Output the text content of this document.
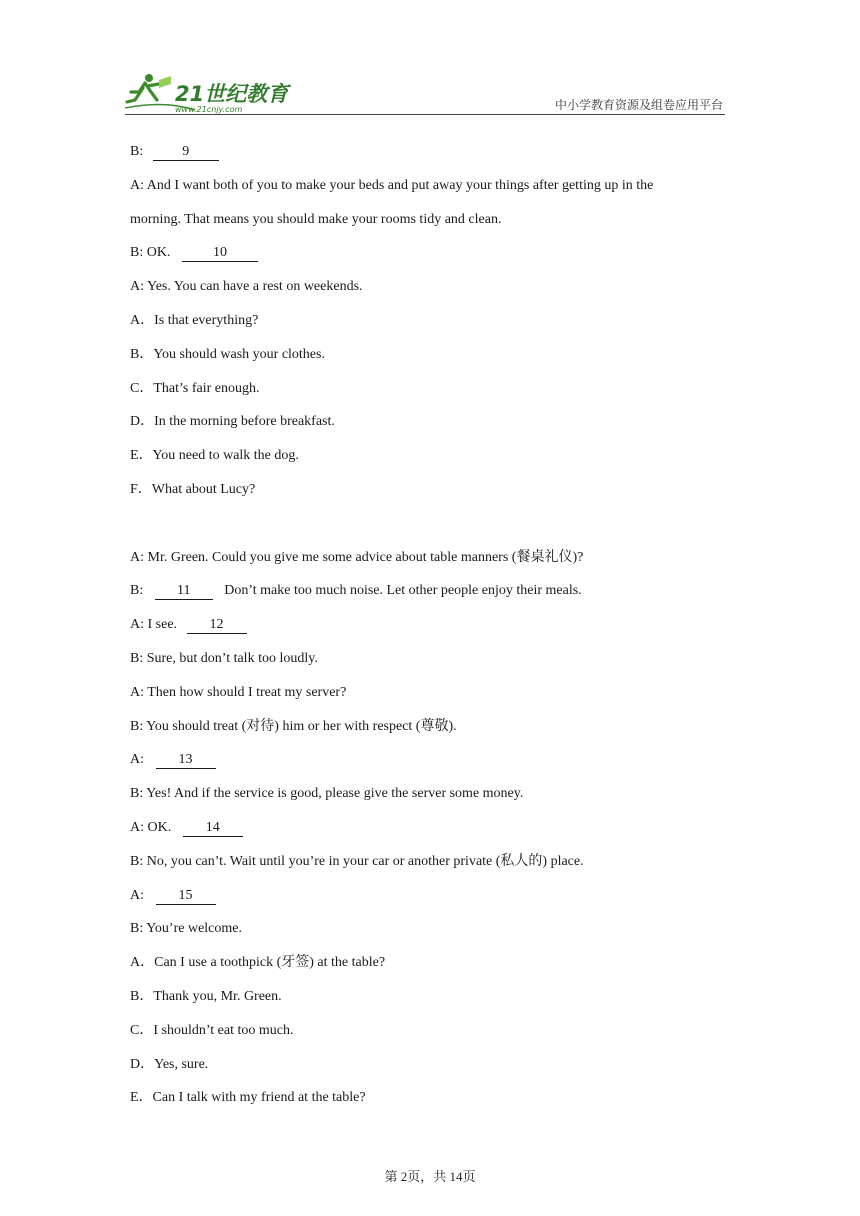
21世纪教育
www.21cnjy.com	中小学教育资源及组卷应用平台
B:	9
A: And I want both of you to make your beds and put away your things after getting up in the
morning. That means you should make your rooms tidy and clean.
B: OK.	10
A: Yes. You can have a rest on weekends.
A．Is that everything?
B．You should wash your clothes.
C．That’s fair enough.
D．In the morning before breakfast.
E．You need to walk the dog.
F．What about Lucy?
A: Mr. Green. Could you give me some advice about table manners (餐桌礼仪)?
B: 11 Don’t make too much noise. Let other people enjoy their meals.
A: I see. 12
B: Sure, but don’t talk too loudly.
A: Then how should I treat my server?
B: You should treat (对待) him or her with respect (尊敬).
A: 13
B: Yes! And if the service is good, please give the server some money.
A: OK. 14
B: No, you can’t. Wait until you’re in your car or another private (私人的) place.
A: 15
B: You’re welcome.
A．Can I use a toothpick (牙签) at the table?
B．Thank you, Mr. Green.
C．I shouldn’t eat too much.
D．Yes, sure.
E．Can I talk with my friend at the table?
第 2页，共 14页
